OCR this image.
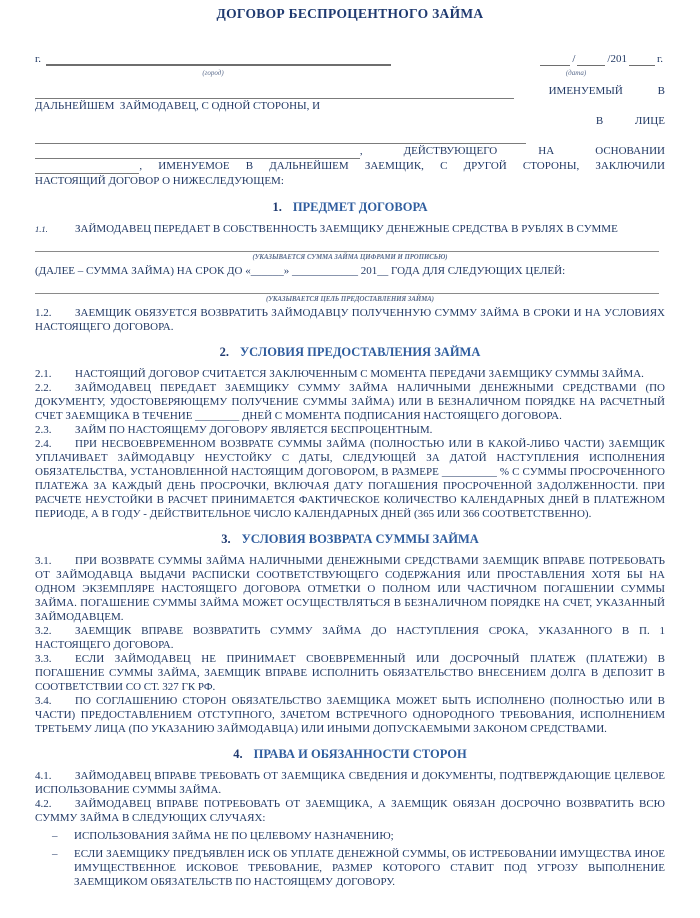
ДОГОВОР БЕСПРОЦЕНТНОГО ЗАЙМА
г.	/	/201	г.
(город)	(дата)
ИМЕНУЕМЫЙ	В
ДАЛЬНЕЙШЕМ  ЗАЙМОДАВЕЦ, С ОДНОЙ СТОРОНЫ, И
В	ЛИЦЕ
,	ДЕЙСТВУЮЩЕГО	НА	ОСНОВАНИИ
, ИМЕНУЕМОЕ В ДАЛЬНЕЙШЕМ ЗАЕМЩИК, С ДРУГОЙ СТОРОНЫ, ЗАКЛЮЧИЛИ
НАСТОЯЩИЙ ДОГОВОР О НИЖЕСЛЕДУЮЩЕМ:
1. ПРЕДМЕТ ДОГОВОРА
1.1. ЗАЙМОДАВЕЦ ПЕРЕДАЕТ В СОБСТВЕННОСТЬ ЗАЕМЩИКУ ДЕНЕЖНЫЕ СРЕДСТВА В РУБЛЯХ В СУММЕ
(УКАЗЫВАЕТСЯ СУММА ЗАЙМА ЦИФРАМИ И ПРОПИСЬЮ)
(ДАЛЕЕ – СУММА ЗАЙМА) НА СРОК ДО «______» ____________ 201__ ГОДА ДЛЯ СЛЕДУЮЩИХ ЦЕЛЕЙ:
(УКАЗЫВАЕТСЯ ЦЕЛЬ ПРЕДОСТАВЛЕНИЯ ЗАЙМА)
1.2. ЗАЕМЩИК ОБЯЗУЕТСЯ ВОЗВРАТИТЬ ЗАЙМОДАВЦУ ПОЛУЧЕННУЮ СУММУ ЗАЙМА В СРОКИ И НА УСЛОВИЯХ НАСТОЯЩЕГО ДОГОВОРА.
2. УСЛОВИЯ ПРЕДОСТАВЛЕНИЯ ЗАЙМА
2.1. НАСТОЯЩИЙ ДОГОВОР СЧИТАЕТСЯ ЗАКЛЮЧЕННЫМ С МОМЕНТА ПЕРЕДАЧИ ЗАЕМЩИКУ СУММЫ ЗАЙМА.
2.2. ЗАЙМОДАВЕЦ ПЕРЕДАЕТ ЗАЕМЩИКУ СУММУ ЗАЙМА НАЛИЧНЫМИ ДЕНЕЖНЫМИ СРЕДСТВАМИ (ПО ДОКУМЕНТУ, УДОСТОВЕРЯЮЩЕМУ ПОЛУЧЕНИЕ СУММЫ ЗАЙМА) ИЛИ В БЕЗНАЛИЧНОМ ПОРЯДКЕ НА РАСЧЕТНЫЙ СЧЕТ ЗАЕМЩИКА В ТЕЧЕНИЕ ________ ДНЕЙ С МОМЕНТА ПОДПИСАНИЯ НАСТОЯЩЕГО ДОГОВОРА.
2.3. ЗАЙМ ПО НАСТОЯЩЕМУ ДОГОВОРУ ЯВЛЯЕТСЯ БЕСПРОЦЕНТНЫМ.
2.4. ПРИ НЕСВОЕВРЕМЕННОМ ВОЗВРАТЕ СУММЫ ЗАЙМА (ПОЛНОСТЬЮ ИЛИ В КАКОЙ-ЛИБО ЧАСТИ) ЗАЕМЩИК УПЛАЧИВАЕТ ЗАЙМОДАВЦУ НЕУСТОЙКУ С ДАТЫ, СЛЕДУЮЩЕЙ ЗА ДАТОЙ НАСТУПЛЕНИЯ ИСПОЛНЕНИЯ ОБЯЗАТЕЛЬСТВА, УСТАНОВЛЕННОЙ НАСТОЯЩИМ ДОГОВОРОМ, В РАЗМЕРЕ __________ % С СУММЫ ПРОСРОЧЕННОГО ПЛАТЕЖА ЗА КАЖДЫЙ ДЕНЬ ПРОСРОЧКИ, ВКЛЮЧАЯ ДАТУ ПОГАШЕНИЯ ПРОСРОЧЕННОЙ ЗАДОЛЖЕННОСТИ. ПРИ РАСЧЕТЕ НЕУСТОЙКИ В РАСЧЕТ ПРИНИМАЕТСЯ ФАКТИЧЕСКОЕ КОЛИЧЕСТВО КАЛЕНДАРНЫХ ДНЕЙ В ПЛАТЕЖНОМ ПЕРИОДЕ, А В ГОДУ - ДЕЙСТВИТЕЛЬНОЕ ЧИСЛО КАЛЕНДАРНЫХ ДНЕЙ (365 ИЛИ 366 СООТВЕТСТВЕННО).
3. УСЛОВИЯ ВОЗВРАТА СУММЫ ЗАЙМА
3.1. ПРИ ВОЗВРАТЕ СУММЫ ЗАЙМА НАЛИЧНЫМИ ДЕНЕЖНЫМИ СРЕДСТВАМИ ЗАЕМЩИК ВПРАВЕ ПОТРЕБОВАТЬ ОТ ЗАЙМОДАВЦА ВЫДАЧИ РАСПИСКИ СООТВЕТСТВУЮЩЕГО СОДЕРЖАНИЯ ИЛИ ПРОСТАВЛЕНИЯ ХОТЯ БЫ НА ОДНОМ ЭКЗЕМПЛЯРЕ НАСТОЯЩЕГО ДОГОВОРА ОТМЕТКИ О ПОЛНОМ ИЛИ ЧАСТИЧНОМ ПОГАШЕНИИ СУММЫ ЗАЙМА. ПОГАШЕНИЕ СУММЫ ЗАЙМА МОЖЕТ ОСУЩЕСТВЛЯТЬСЯ В БЕЗНАЛИЧНОМ ПОРЯДКЕ НА СЧЕТ, УКАЗАННЫЙ ЗАЙМОДАВЦЕМ.
3.2. ЗАЕМЩИК ВПРАВЕ ВОЗВРАТИТЬ СУММУ ЗАЙМА ДО НАСТУПЛЕНИЯ СРОКА, УКАЗАННОГО В П. 1 НАСТОЯЩЕГО ДОГОВОРА.
3.3. ЕСЛИ ЗАЙМОДАВЕЦ НЕ ПРИНИМАЕТ СВОЕВРЕМЕННЫЙ ИЛИ ДОСРОЧНЫЙ ПЛАТЕЖ (ПЛАТЕЖИ) В ПОГАШЕНИЕ СУММЫ ЗАЙМА, ЗАЕМЩИК ВПРАВЕ ИСПОЛНИТЬ ОБЯЗАТЕЛЬСТВО ВНЕСЕНИЕМ ДОЛГА В ДЕПОЗИТ В СООТВЕТСТВИИ СО СТ. 327 ГК РФ.
3.4. ПО СОГЛАШЕНИЮ СТОРОН ОБЯЗАТЕЛЬСТВО ЗАЕМЩИКА МОЖЕТ БЫТЬ ИСПОЛНЕНО (ПОЛНОСТЬЮ ИЛИ В ЧАСТИ) ПРЕДОСТАВЛЕНИЕМ ОТСТУПНОГО, ЗАЧЕТОМ ВСТРЕЧНОГО ОДНОРОДНОГО ТРЕБОВАНИЯ, ИСПОЛНЕНИЕМ ТРЕТЬЕМУ ЛИЦА (ПО УКАЗАНИЮ ЗАЙМОДАВЦА) ИЛИ ИНЫМИ ДОПУСКАЕМЫМИ ЗАКОНОМ СРЕДСТВАМИ.
4. ПРАВА И ОБЯЗАННОСТИ СТОРОН
4.1. ЗАЙМОДАВЕЦ ВПРАВЕ ТРЕБОВАТЬ ОТ ЗАЕМЩИКА СВЕДЕНИЯ И ДОКУМЕНТЫ, ПОДТВЕРЖДАЮЩИЕ ЦЕЛЕВОЕ ИСПОЛЬЗОВАНИЕ СУММЫ ЗАЙМА.
4.2. ЗАЙМОДАВЕЦ ВПРАВЕ ПОТРЕБОВАТЬ ОТ ЗАЕМЩИКА, А ЗАЕМЩИК ОБЯЗАН ДОСРОЧНО ВОЗВРАТИТЬ ВСЮ СУММУ ЗАЙМА В СЛЕДУЮЩИХ СЛУЧАЯХ:
–	ИСПОЛЬЗОВАНИЯ ЗАЙМА НЕ ПО ЦЕЛЕВОМУ НАЗНАЧЕНИЮ;
–	ЕСЛИ ЗАЕМЩИКУ ПРЕДЪЯВЛЕН ИСК ОБ УПЛАТЕ ДЕНЕЖНОЙ СУММЫ, ОБ ИСТРЕБОВАНИИ ИМУЩЕСТВА ИНОЕ ИМУЩЕСТВЕННОЕ ИСКОВОЕ ТРЕБОВАНИЕ, РАЗМЕР КОТОРОГО СТАВИТ ПОД УГРОЗУ ВЫПОЛНЕНИЕ ЗАЕМЩИКОМ ОБЯЗАТЕЛЬСТВ ПО НАСТОЯЩЕМУ ДОГОВОРУ.
